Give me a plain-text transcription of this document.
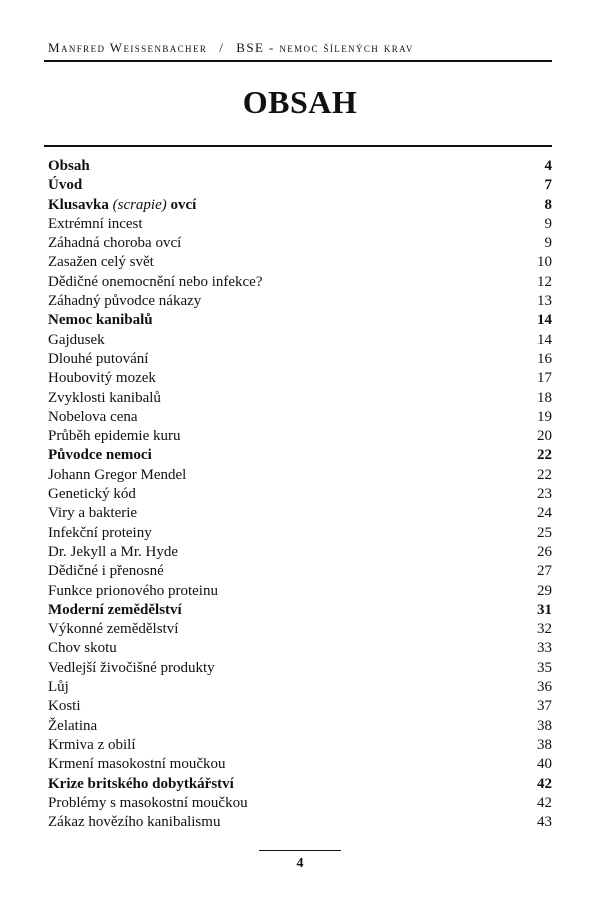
Manfred Weissenbacher / BSE - nemoc šílených krav
OBSAH
Obsah	4
Úvod	7
Klusavka (scrapie) ovcí	8
Extrémní incest	9
Záhadná choroba ovcí	9
Zasažen celý svět	10
Dědičné onemocnění nebo infekce?	12
Záhadný původce nákazy	13
Nemoc kanibalů	14
Gajdusek	14
Dlouhé putování	16
Houbovitý mozek	17
Zvyklosti kanibalů	18
Nobelova cena	19
Průběh epidemie kuru	20
Původce nemoci	22
Johann Gregor Mendel	22
Genetický kód	23
Viry a bakterie	24
Infekční proteiny	25
Dr. Jekyll a Mr. Hyde	26
Dědičné i přenosné	27
Funkce prionového proteinu	29
Moderní zemědělství	31
Výkonné zemědělství	32
Chov skotu	33
Vedlejší živočišné produkty	35
Lůj	36
Kosti	37
Želatina	38
Krmiva z obilí	38
Krmení masokostní moučkou	40
Krize britského dobytkářství	42
Problémy s masokostní moučkou	42
Zákaz hovězího kanibalismu	43
4
